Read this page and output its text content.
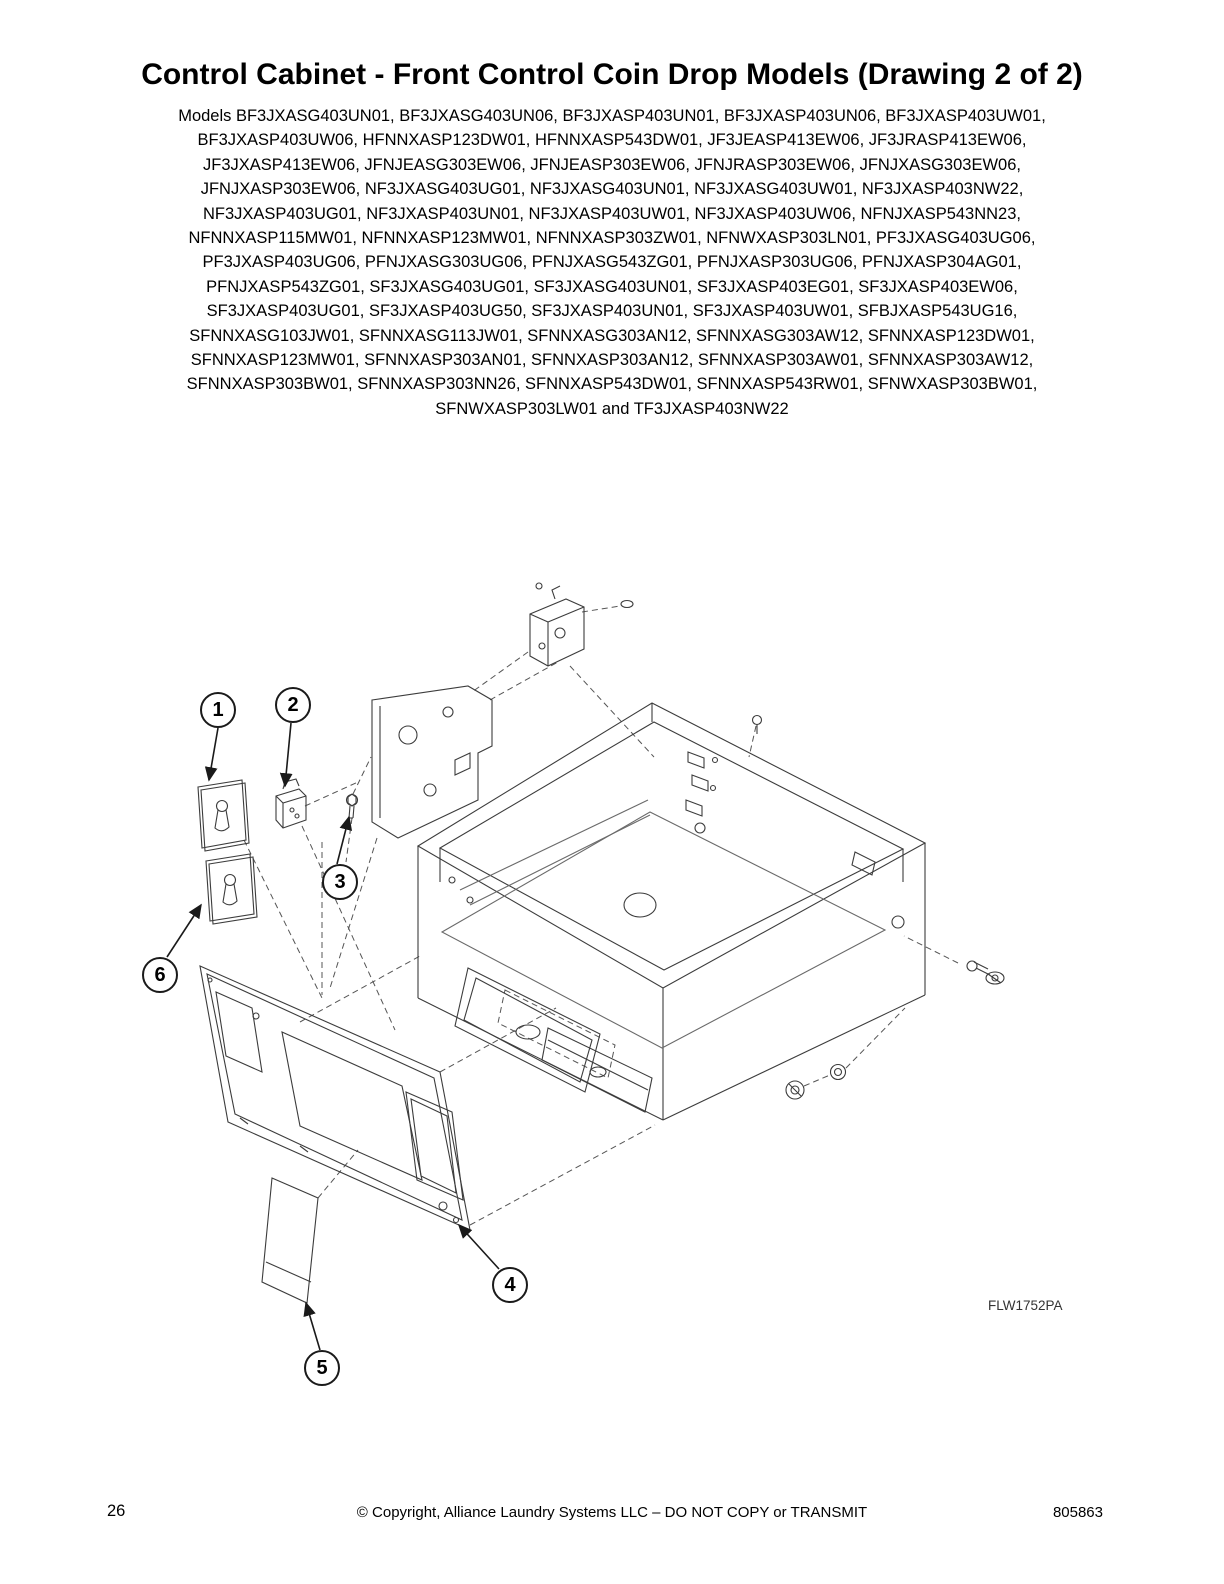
Control Cabinet - Front Control Coin Drop Models (Drawing 2 of 2)
Models BF3JXASG403UN01, BF3JXASG403UN06, BF3JXASP403UN01, BF3JXASP403UN06, BF3JXASP403UW01,
BF3JXASP403UW06, HFNNXASP123DW01, HFNNXASP543DW01, JF3JEASP413EW06, JF3JRASP413EW06,
JF3JXASP413EW06, JFNJEASG303EW06, JFNJEASP303EW06, JFNJRASP303EW06, JFNJXASG303EW06,
JFNJXASP303EW06, NF3JXASG403UG01, NF3JXASG403UN01, NF3JXASG403UW01, NF3JXASP403NW22,
NF3JXASP403UG01, NF3JXASP403UN01, NF3JXASP403UW01, NF3JXASP403UW06, NFNJXASP543NN23,
NFNNXASP115MW01, NFNNXASP123MW01, NFNNXASP303ZW01, NFNWXASP303LN01, PF3JXASG403UG06,
PF3JXASP403UG06, PFNJXASG303UG06, PFNJXASG543ZG01, PFNJXASP303UG06, PFNJXASP304AG01,
PFNJXASP543ZG01, SF3JXASG403UG01, SF3JXASG403UN01, SF3JXASP403EG01, SF3JXASP403EW06,
SF3JXASP403UG01, SF3JXASP403UG50, SF3JXASP403UN01, SF3JXASP403UW01, SFBJXASP543UG16,
SFNNXASG103JW01, SFNNXASG113JW01, SFNNXASG303AN12, SFNNXASG303AW12, SFNNXASP123DW01,
SFNNXASP123MW01, SFNNXASP303AN01, SFNNXASP303AN12, SFNNXASP303AW01, SFNNXASP303AW12,
SFNNXASP303BW01, SFNNXASP303NN26, SFNNXASP543DW01, SFNNXASP543RW01, SFNWXASP303BW01,
SFNWXASP303LW01 and TF3JXASP403NW22
1	2
3
4
5
6
FLW1752PA
26	© Copyright, Alliance Laundry Systems LLC – DO NOT COPY or TRANSMIT	805863
